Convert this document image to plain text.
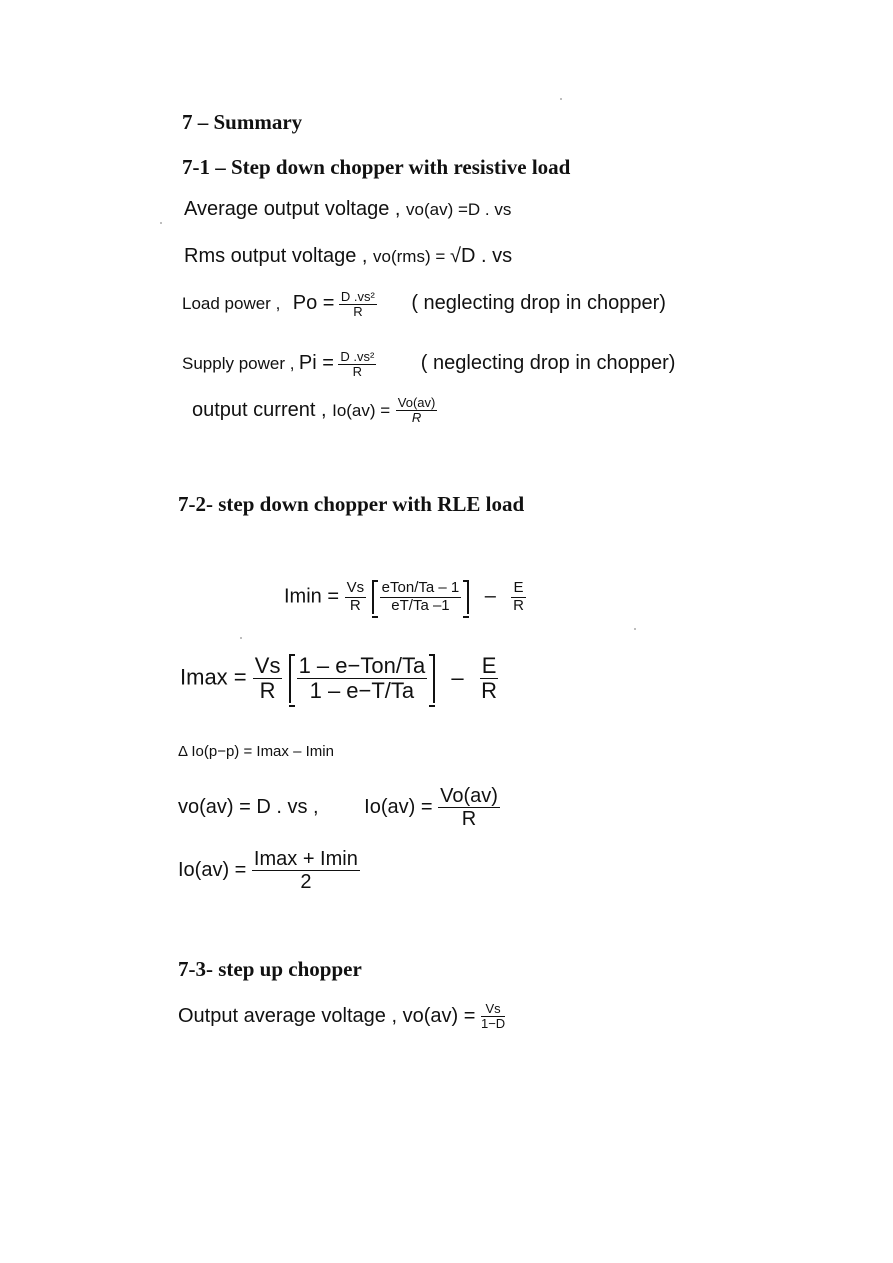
7 – Summary
7-1 – Step down chopper with resistive load
Average output voltage , vo(av) =D . vs
Rms output voltage , vo(rms) = √D . vs
Load power , $Po = \frac{\text{D .vs²}}{R}$ ( neglecting drop in chopper)
Supply power , $Pi = \frac{\text{D .vs²}}{R}$ ( neglecting drop in chopper)
output current , $Io(av) = \frac{Vo(av)}{R}$
7-2- step down chopper with RLE load
$Imin = \frac{Vs}{R}$
$\frac{\text{eTon/Ta – 1}}{eT/Ta -1} - \frac{E}{R}$
$Imax = \frac{Vs}{R}$
$\frac{\text{1 – e−Ton/Ta}}{1 - e-T/Ta} - \frac{E}{R}$
Δ Io(p−p) = Imax – Imin
vo(av) = D . vs , $Io(av) = \frac{Vo(av)}{R}$
$Io(av) = \frac{Imax + Imin}{2}$
7-3- step up chopper
Output average voltage , $vo(av) = \frac{Vs}{1-D}$
